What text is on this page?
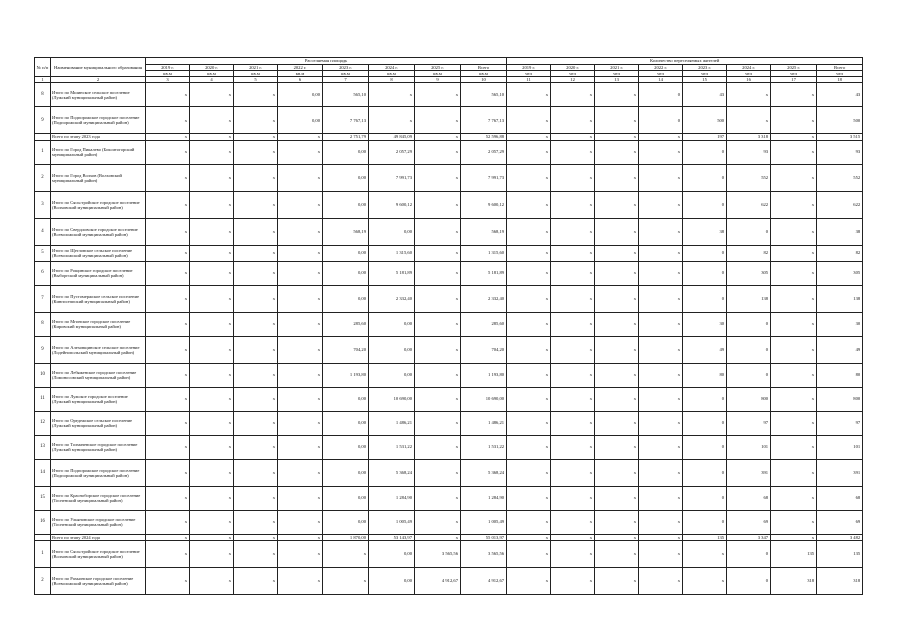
№ п/п	Наименование муниципального образования	Расселяемая площадь								Количество переселяемых жителей							
		2019 г.	2020 г.	2021 г.	2022 г.	2023 г.	2024 г.	2025 г.	Всего	2019 г.	2020 г.	2021 г.	2022 г.	2023 г.	2024 г.	2025 г.	Всего
		кв.м	кв.м	кв.м	кв.м	кв.м	кв.м	кв.м	кв.м	чел	чел	чел	чел	чел	чел	чел	чел
1	2	3	4	5	6	7	8	9	10	11	12	13	14	15	16	17	18
8	Итого по Мшинское сельское поселение (Лужский муниципальный район)	x	x	x	0,00	565,10	x	x	565,10	x	x	x	0	43	x	x	43
9	Итого по Подпорожское городское поселение (Подпорожский муниципальный район)	x	x	x	0,00	7 767,13	x	x	7 767,13	x	x	x	0	500	x	x	500
	Всего по этапу 2023 года	x	x	x	x	2 751,79	49 845,09	x	52 596,88	x	x	x	x	197	3 318	x	3 515
1	Итого по Город Пикалево (Бокситогорский муниципальный район)	x	x	x	x	0,00	2 057,29	x	2 057,29	x	x	x	x	0	93	x	93
2	Итого по Город Волхов (Волховский муниципальный район)	x	x	x	x	0,00	7 991,73	x	7 991,73	x	x	x	x	0	552	x	552
3	Итого по Сясьстройское городское поселение (Волховский муниципальный район)	x	x	x	x	0,00	9 600,12	x	9 600,12	x	x	x	x	0	622	x	622
4	Итого по Свердловское городское поселение (Всеволожский муниципальный район)	x	x	x	x	568,19	0,00	x	568,19	x	x	x	x	38	0	x	38
5	Итого по Щегловское сельское поселение (Всеволожский муниципальный район)	x	x	x	x	0,00	1 315,60	x	1 315,60	x	x	x	x	0	82	x	82
6	Итого по Рощинское городское поселение (Выборгский муниципальный район)	x	x	x	x	0,00	5 181,89	x	5 181,89	x	x	x	x	0	305	x	305
7	Итого по Пустомержское сельское поселение (Кингисеппский муниципальный район)	x	x	x	x	0,00	2 332,40	x	2 332,40	x	x	x	x	0	138	x	138
8	Итого по Мгинское городское поселение (Кировский муниципальный район)	x	x	x	x	285,60	0,00	x	285,60	x	x	x	x	30	0	x	30
9	Итого по Алеховщинское сельское поселение (Лодейнопольский муниципальный район)	x	x	x	x	704,20	0,00	x	704,20	x	x	x	x	49	0	x	49
10	Итого по Лебяженское городское поселение (Ломоносовский муниципальный район)	x	x	x	x	1 193,80	0,00	x	1 193,80	x	x	x	x	80	0	x	80
11	Итого по Лужское городское поселение (Лужский муниципальный район)	x	x	x	x	0,00	10 690,00	x	10 690,00	x	x	x	x	0	800	x	800
12	Итого по Оредежское сельское поселение (Лужский муниципальный район)	x	x	x	x	0,00	1 486,21	x	1 486,21	x	x	x	x	0	97	x	97
13	Итого по Толмачевское городское поселение (Лужский муниципальный район)	x	x	x	x	0,00	1 531,22	x	1 531,22	x	x	x	x	0	101	x	101
14	Итого по Подпорожское городское поселение (Подпорожский муниципальный район)	x	x	x	x	0,00	5 368,24	x	5 368,24	x	x	x	x	0	391	x	391
15	Итого по Красноборское городское поселение (Тосненский муниципальный район)	x	x	x	x	0,00	1 284,90	x	1 284,90	x	x	x	x	0	68	x	68
16	Итого по Ульяновское городское поселение (Тосненский муниципальный район)	x	x	x	x	0,00	1 005,49	x	1 005,49	x	x	x	x	0	69	x	69
	Всего по этапу 2024 года	x	x	x	x	1 870,00	53 143,97	x	55 013,97	x	x	x	x	135	3 347	x	3 482
1	Итого по Сясьстройское городское поселение (Волховский муниципальный район)	x	x	x	x	x	0,00	3 565,56	3 565,56	x	x	x	x	x	0	135	135
2	Итого по Рахьинское городское поселение (Всеволожский муниципальный район)	x	x	x	x	x	0,00	4 912,67	4 912,67	x	x	x	x	x	0	318	318
